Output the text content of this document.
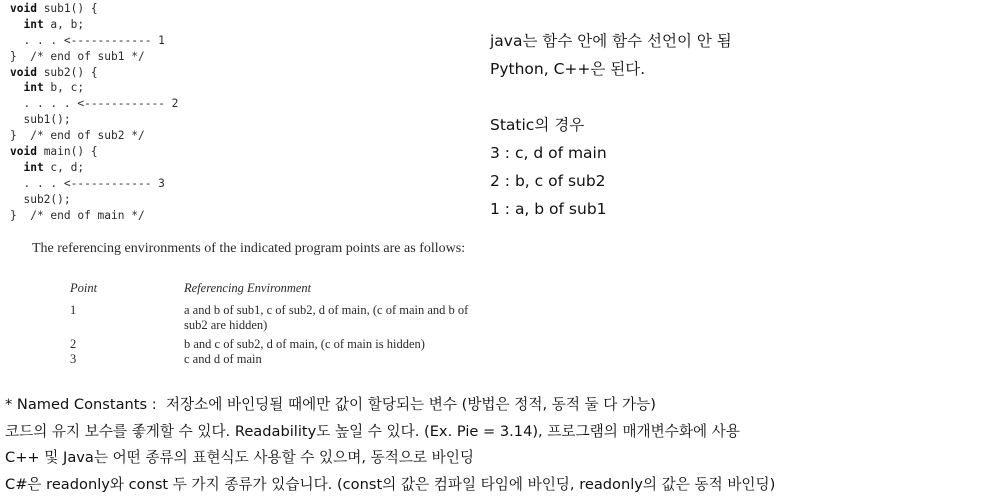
void sub1() {
int a, b;
. . . <------------ 1
}  /* end of sub1 */
void sub2() {
int b, c;
. . . . <------------ 2
sub1();
}  /* end of sub2 */
void main() {
int c, d;
. . . <------------ 3
sub2();
}  /* end of main */
java는 함수 안에 함수 선언이 안 됨
Python, C++은 된다.
Static의 경우
3 : c, d of main
2 : b, c of sub2
1 : a, b of sub1
The referencing environments of the indicated program points are as follows:
Point	Referencing Environment
1	a and b of sub1, c of sub2, d of main, (c of main and b of sub2 are hidden)
2	b and c of sub2, d of main, (c of main is hidden)
3	c and d of main
* Named Constants :  저장소에 바인딩될 때에만 값이 할당되는 변수 (방법은 정적, 동적 둘 다 가능)
코드의 유지 보수를 좋게할 수 있다. Readability도 높일 수 있다. (Ex. Pie = 3.14), 프로그램의 매개변수화에 사용
C++ 및 Java는 어떤 종류의 표현식도 사용할 수 있으며, 동적으로 바인딩
C#은 readonly와 const 두 가지 종류가 있습니다. (const의 값은 컴파일 타임에 바인딩, readonly의 값은 동적 바인딩)
